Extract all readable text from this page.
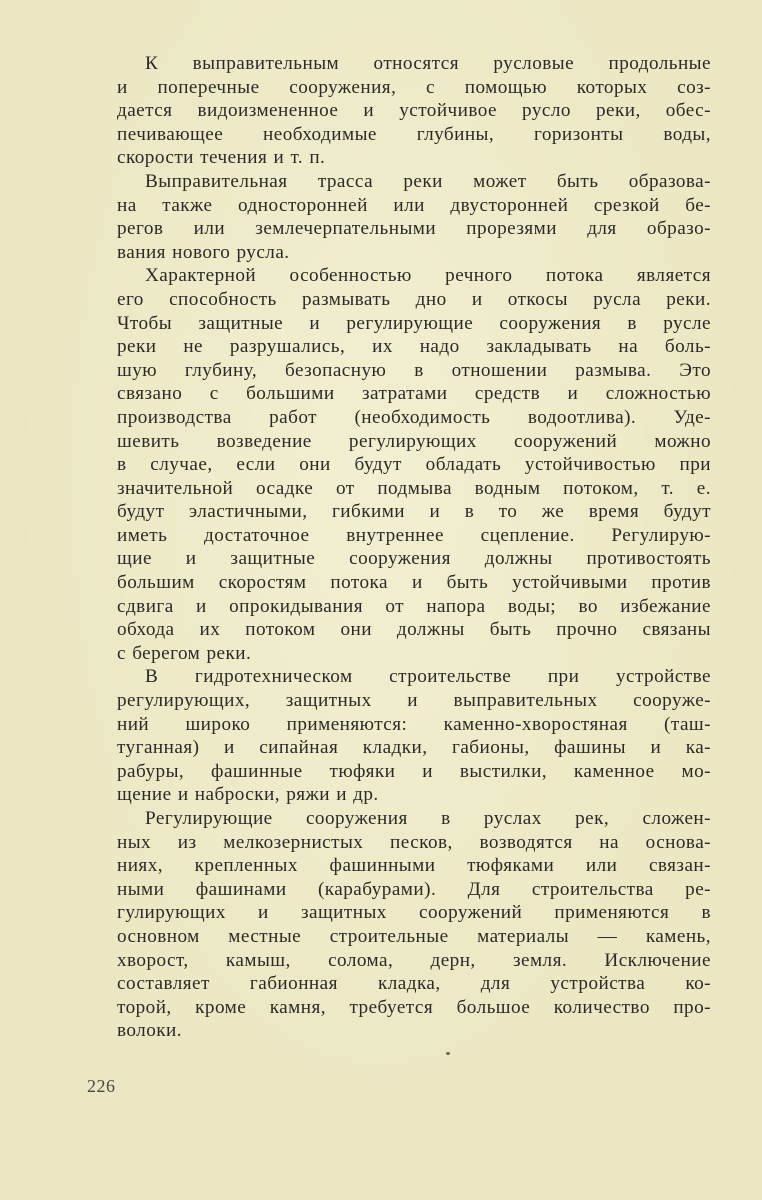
К выправительным относятся русловые продольные
и поперечные сооружения, с помощью которых соз-
дается видоизмененное и устойчивое русло реки, обес-
печивающее необходимые глубины, горизонты воды,
скорости течения и т. п.
Выправительная трасса реки может быть образова-
на также односторонней или двусторонней срезкой бе-
регов или землечерпательными прорезями для образо-
вания нового русла.
Характерной особенностью речного потока является
его способность размывать дно и откосы русла реки.
Чтобы защитные и регулирующие сооружения в русле
реки не разрушались, их надо закладывать на боль-
шую глубину, безопасную в отношении размыва. Это
связано с большими затратами средств и сложностью
производства работ (необходимость водоотлива). Уде-
шевить возведение регулирующих сооружений можно
в случае, если они будут обладать устойчивостью при
значительной осадке от подмыва водным потоком, т. е.
будут эластичными, гибкими и в то же время будут
иметь достаточное внутреннее сцепление. Регулирую-
щие и защитные сооружения должны противостоять
большим скоростям потока и быть устойчивыми против
сдвига и опрокидывания от напора воды; во избежание
обхода их потоком они должны быть прочно связаны
с берегом реки.
В гидротехническом строительстве при устройстве
регулирующих, защитных и выправительных сооруже-
ний широко применяются: каменно-хворостяная (таш-
туганная) и сипайная кладки, габионы, фашины и ка-
рабуры, фашинные тюфяки и выстилки, каменное мо-
щение и наброски, ряжи и др.
Регулирующие сооружения в руслах рек, сложен-
ных из мелкозернистых песков, возводятся на основа-
ниях, крепленных фашинными тюфяками или связан-
ными фашинами (карабурами). Для строительства ре-
гулирующих и защитных сооружений применяются в
основном местные строительные материалы — камень,
хворост, камыш, солома, дерн, земля. Исключение
составляет габионная кладка, для устройства ко-
торой, кроме камня, требуется большое количество про-
волоки.
226
